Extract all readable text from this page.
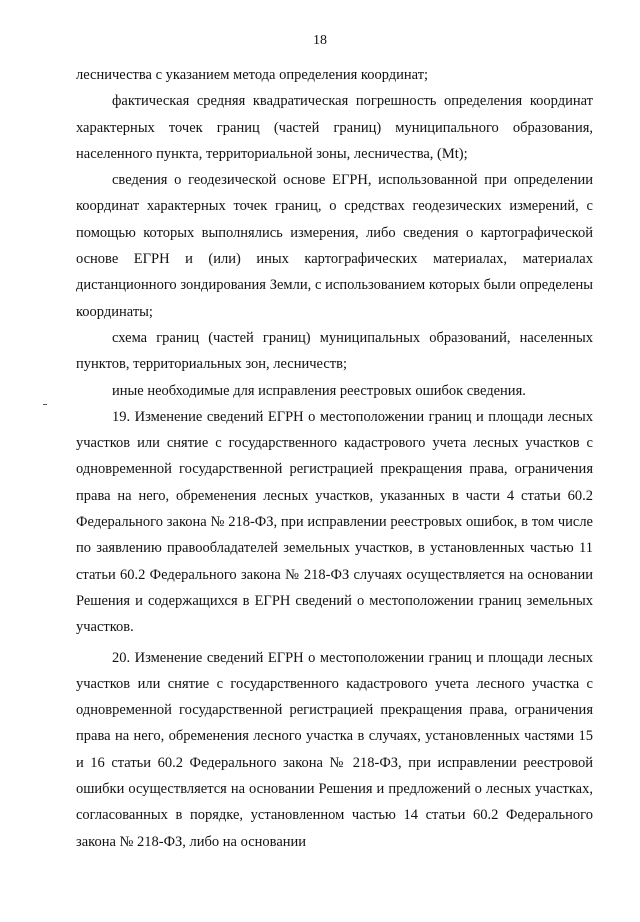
18

лесничества с указанием метода определения координат;

фактическая средняя квадратическая погрешность определения координат характерных точек границ (частей границ) муниципального образования, населенного пункта, территориальной зоны, лесничества, (Mt);

сведения о геодезической основе ЕГРН, использованной при определении координат характерных точек границ, о средствах геодезических измерений, с помощью которых выполнялись измерения, либо сведения о картографической основе ЕГРН и (или) иных картографических материалах, материалах дистанционного зондирования Земли, с использованием которых были определены координаты;

схема границ (частей границ) муниципальных образований, населенных пунктов, территориальных зон, лесничеств;

иные необходимые для исправления реестровых ошибок сведения.

19. Изменение сведений ЕГРН о местоположении границ и площади лесных участков или снятие с государственного кадастрового учета лесных участков с одновременной государственной регистрацией прекращения права, ограничения права на него, обременения лесных участков, указанных в части 4 статьи 60.2 Федерального закона № 218-ФЗ, при исправлении реестровых ошибок, в том числе по заявлению правообладателей земельных участков, в установленных частью 11 статьи 60.2 Федерального закона № 218-ФЗ случаях осуществляется на основании Решения и содержащихся в ЕГРН сведений о местоположении границ земельных участков.

20. Изменение сведений ЕГРН о местоположении границ и площади лесных участков или снятие с государственного кадастрового учета лесного участка с одновременной государственной регистрацией прекращения права, ограничения права на него, обременения лесного участка в случаях, установленных частями 15 и 16 статьи 60.2 Федерального закона № 218-ФЗ, при исправлении реестровой ошибки осуществляется на основании Решения и предложений о лесных участках, согласованных в порядке, установленном частью 14 статьи 60.2 Федерального закона № 218-ФЗ, либо на основании
